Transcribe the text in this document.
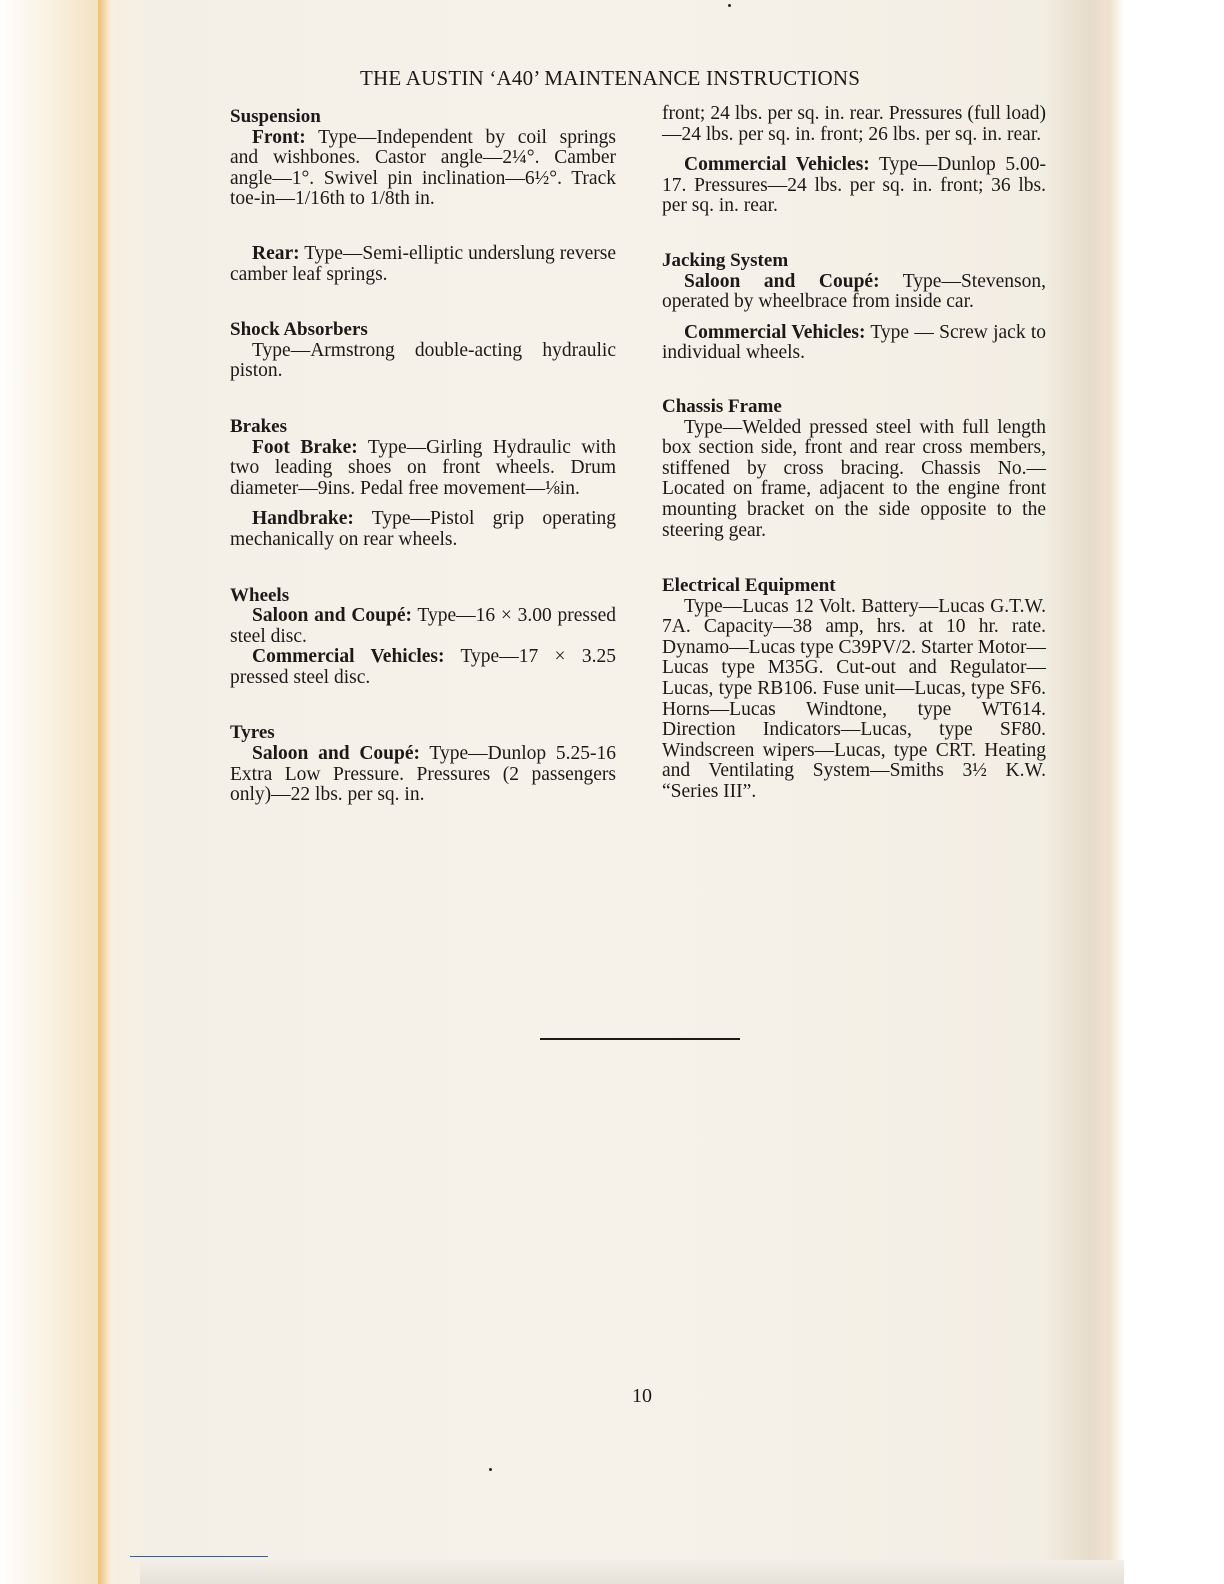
THE AUSTIN ‘A40’ MAINTENANCE INSTRUCTIONS
Suspension

Front: Type—Independent by coil springs and wishbones. Castor angle—2¼°. Camber angle—1°. Swivel pin inclination—6½°. Track toe-in—1/16th to 1/8th in.

Rear: Type—Semi-elliptic underslung reverse camber leaf springs.

Shock Absorbers

Type—Armstrong double-acting hydraulic piston.

Brakes

Foot Brake: Type—Girling Hydraulic with two leading shoes on front wheels. Drum diameter—9ins. Pedal free movement—⅛in.

Handbrake: Type—Pistol grip operating mechanically on rear wheels.

Wheels

Saloon and Coupé: Type—16 × 3.00 pressed steel disc.

Commercial Vehicles: Type—17 × 3.25 pressed steel disc.

Tyres

Saloon and Coupé: Type—Dunlop 5.25-16 Extra Low Pressure. Pressures (2 passengers only)—22 lbs. per sq. in.

front; 24 lbs. per sq. in. rear. Pressures (full load)—24 lbs. per sq. in. front; 26 lbs. per sq. in. rear.

Commercial Vehicles: Type—Dunlop 5.00-17. Pressures—24 lbs. per sq. in. front; 36 lbs. per sq. in. rear.

Jacking System

Saloon and Coupé: Type—Stevenson, operated by wheelbrace from inside car.

Commercial Vehicles: Type — Screw jack to individual wheels.

Chassis Frame

Type—Welded pressed steel with full length box section side, front and rear cross members, stiffened by cross bracing. Chassis No.—Located on frame, adjacent to the engine front mounting bracket on the side opposite to the steering gear.

Electrical Equipment

Type—Lucas 12 Volt. Battery—Lucas G.T.W. 7A. Capacity—38 amp, hrs. at 10 hr. rate. Dynamo—Lucas type C39PV/2. Starter Motor—Lucas type M35G. Cut-out and Regulator—Lucas, type RB106. Fuse unit—Lucas, type SF6. Horns—Lucas Windtone, type WT614. Direction Indicators—Lucas, type SF80. Windscreen wipers—Lucas, type CRT. Heating and Ventilating System—Smiths 3½ K.W. “Series III”.

10
